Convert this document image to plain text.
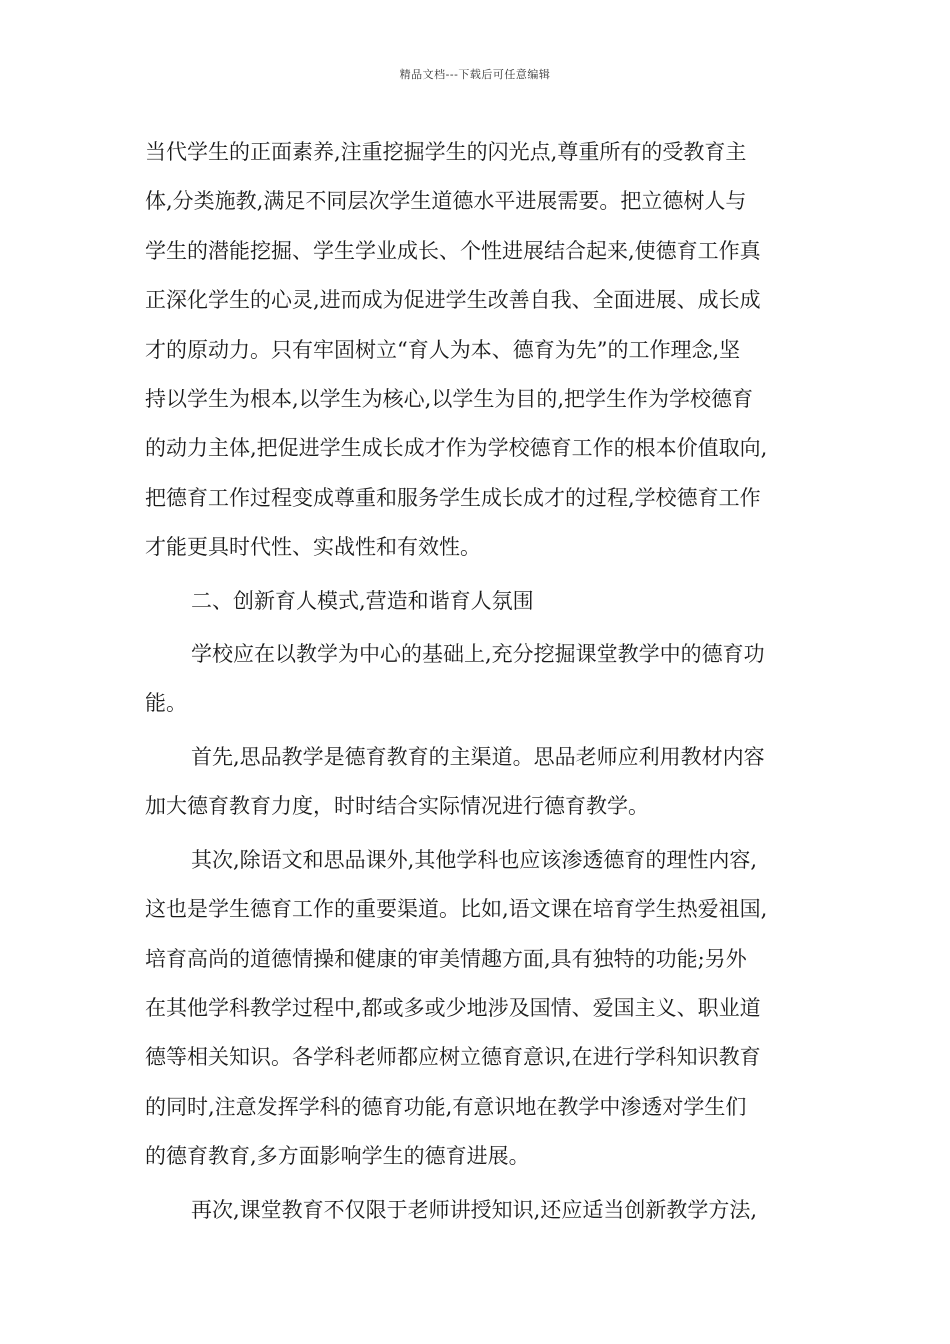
精品文档---下载后可任意编辑
当代学生的正面素养,注重挖掘学生的闪光点,尊重所有的受教育主
体,分类施教,满足不同层次学生道德水平进展需要。把立德树人与
学生的潜能挖掘、学生学业成长、个性进展结合起来,使德育工作真
正深化学生的心灵,进而成为促进学生改善自我、全面进展、成长成
才的原动力。只有牢固树立“育人为本、德育为先”的工作理念,坚
持以学生为根本,以学生为核心,以学生为目的,把学生作为学校德育
的动力主体,把促进学生成长成才作为学校德育工作的根本价值取向,
把德育工作过程变成尊重和服务学生成长成才的过程,学校德育工作
才能更具时代性、实战性和有效性。
二、创新育人模式,营造和谐育人氛围
学校应在以教学为中心的基础上,充分挖掘课堂教学中的德育功
能。
首先,思品教学是德育教育的主渠道。思品老师应利用教材内容
加大德育教育力度，时时结合实际情况进行德育教学。
其次,除语文和思品课外,其他学科也应该渗透德育的理性内容,
这也是学生德育工作的重要渠道。比如,语文课在培育学生热爱祖国,
培育高尚的道德情操和健康的审美情趣方面,具有独特的功能;另外
在其他学科教学过程中,都或多或少地涉及国情、爱国主义、职业道
德等相关知识。各学科老师都应树立德育意识,在进行学科知识教育
的同时,注意发挥学科的德育功能,有意识地在教学中渗透对学生们
的德育教育,多方面影响学生的德育进展。
再次,课堂教育不仅限于老师讲授知识,还应适当创新教学方法,
